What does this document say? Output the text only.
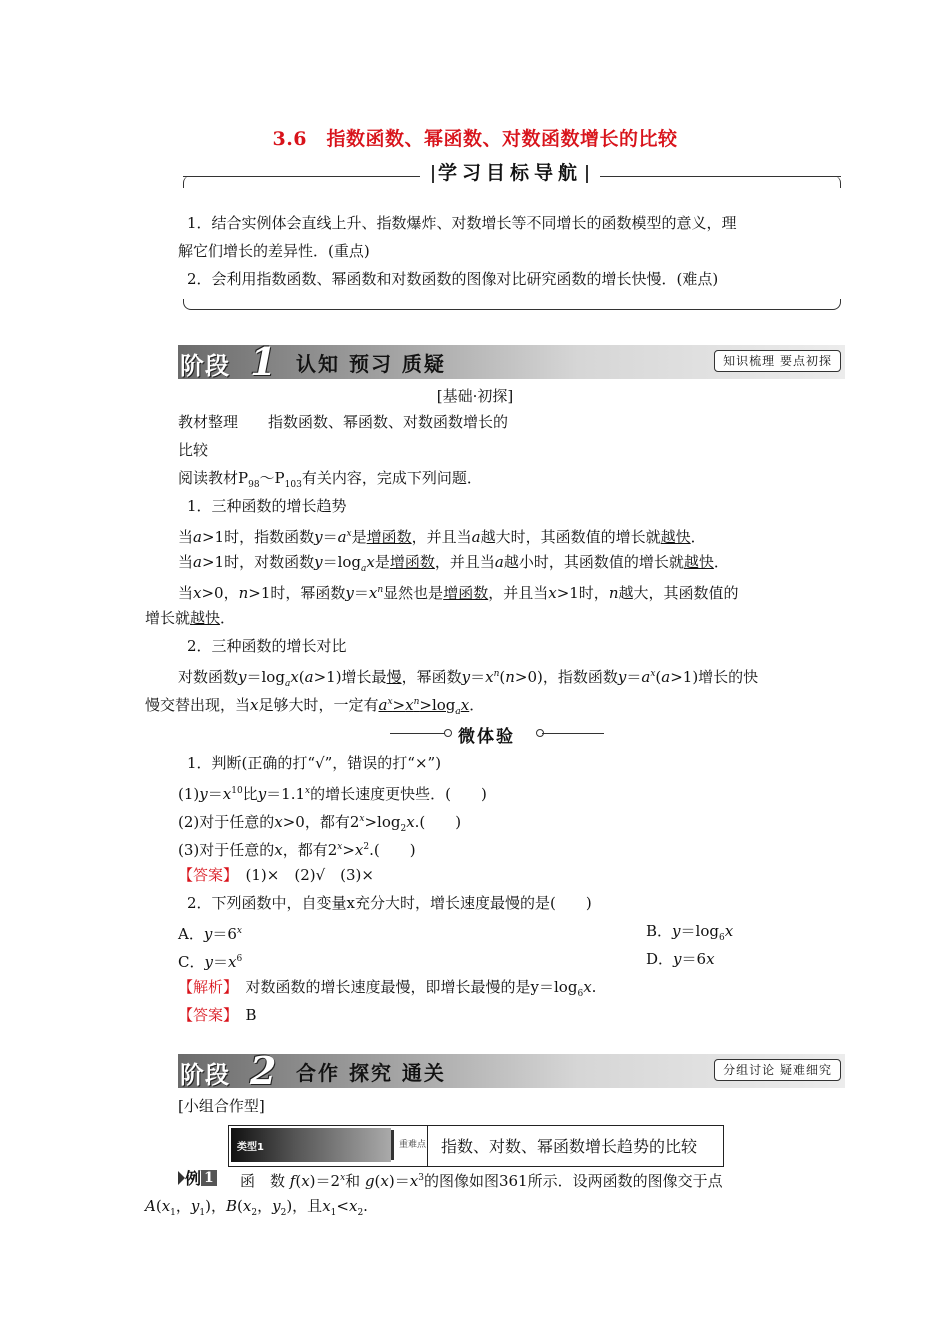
3.6　指数函数、幂函数、对数函数增长的比较
学习目标导航
1．结合实例体会直线上升、指数爆炸、对数增长等不同增长的函数模型的意义，理
解它们增长的差异性．(重点)
2．会利用指数函数、幂函数和对数函数的图像对比研究函数的增长快慢．(难点)
阶段 1 认知 预习 质疑	知识梳理 要点初探
[基础·初探]
教材整理　　指数函数、幂函数、对数函数增长的
比较
阅读教材$P_{98}\sim P_{103}$有关内容，完成下列问题．
1．三种函数的增长趋势
当a>1时，指数函数$y=a^x$是增函数，并且当a越大时，其函数值的增长就越快．
当a>1时，对数函数$y=\log_ax$是增函数，并且当a越小时，其函数值的增长就越快．
当x>0，n>1时，幂函数$y=x^n$显然也是增函数，并且当x>1时，n越大，其函数值的
增长就越快．
2．三种函数的增长对比
对数函数$y=\log_ax(a>1)$增长最慢，幂函数$y=x^n(n>0)$，指数函数$y=a^x(a>1)$增长的快
慢交替出现，当x足够大时，一定有$a^x>x^n>\log_ax$．
微体验
1．判断(正确的打“√”，错误的打“×”)
$(1)y=x^{10}$比$y=1.1^x$的增长速度更快些．(　　)
(2)对于任意的x>0，都有$2^x>\log_2x$.(　　)
(3)对于任意的x，都有$2^x>x^2$.(　　)
【答案】　 (1)×　(2)√　(3)×
2．下列函数中，自变量x充分大时，增长速度最慢的是(　　)
A．$y=6^x$	B．$y=\log_6x$
C．$y=x^6$	D．y＝6x
【解析】　 对数函数的增长速度最慢，即增长最慢的是$y=\log_6x$.
【答案】　 B
阶段 2 合作 探究 通关	分组讨论 疑难细究
[小组合作型]
类型1	重难点 指数、对数、幂函数增长趋势的比较
例 1 函　数 $f(x)=2^x$和 $g(x)=x^3$的图像如图361所示．设两函数的图像交于点
$A(x_1$，$y_1$)，$B(x_2$，$y_2$)，且$x_1<x_2$.
